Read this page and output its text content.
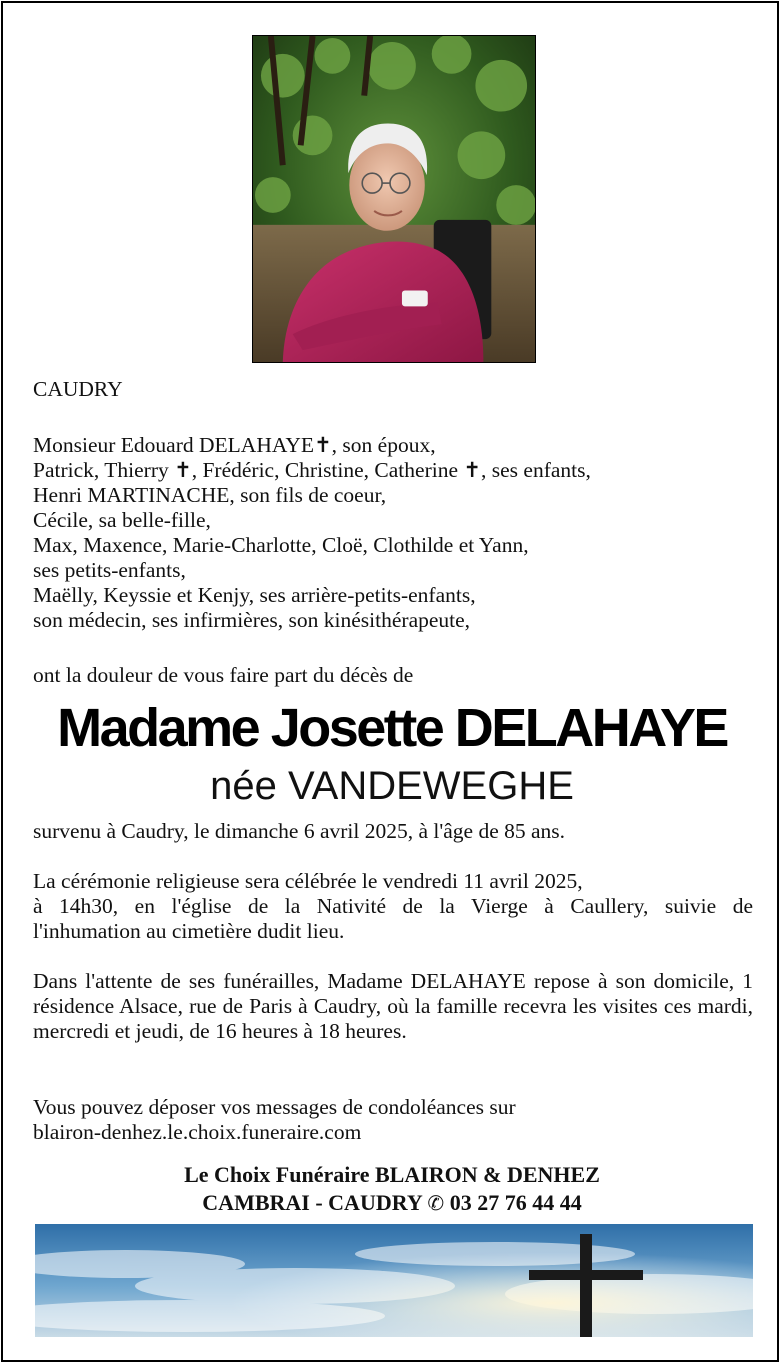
CAUDRY
Monsieur Edouard DELAHAYE✝, son époux,
Patrick, Thierry ✝, Frédéric, Christine, Catherine ✝, ses enfants,
Henri MARTINACHE, son fils de coeur,
Cécile, sa belle-fille,
Max, Maxence, Marie-Charlotte, Cloë, Clothilde et Yann,
ses petits-enfants,
Maëlly, Keyssie et Kenjy, ses arrière-petits-enfants,
son médecin, ses infirmières, son kinésithérapeute,
ont la douleur de vous faire part du décès de
Madame Josette DELAHAYE
née VANDEWEGHE
survenu à Caudry, le dimanche 6 avril 2025, à l'âge de 85 ans.
La cérémonie religieuse sera célébrée le vendredi 11 avril 2025,
à 14h30, en l'église de la Nativité de la Vierge à Caullery, suivie de
l'inhumation au cimetière dudit lieu.
Dans l'attente de ses funérailles, Madame DELAHAYE repose à son domicile, 1 résidence Alsace, rue de Paris à Caudry, où la famille recevra les visites ces mardi, mercredi et jeudi, de 16 heures à 18 heures.
Vous pouvez déposer vos messages de condoléances sur
blairon-denhez.le.choix.funeraire.com
Le Choix Funéraire BLAIRON & DENHEZ
CAMBRAI - CAUDRY ✆ 03 27 76 44 44
